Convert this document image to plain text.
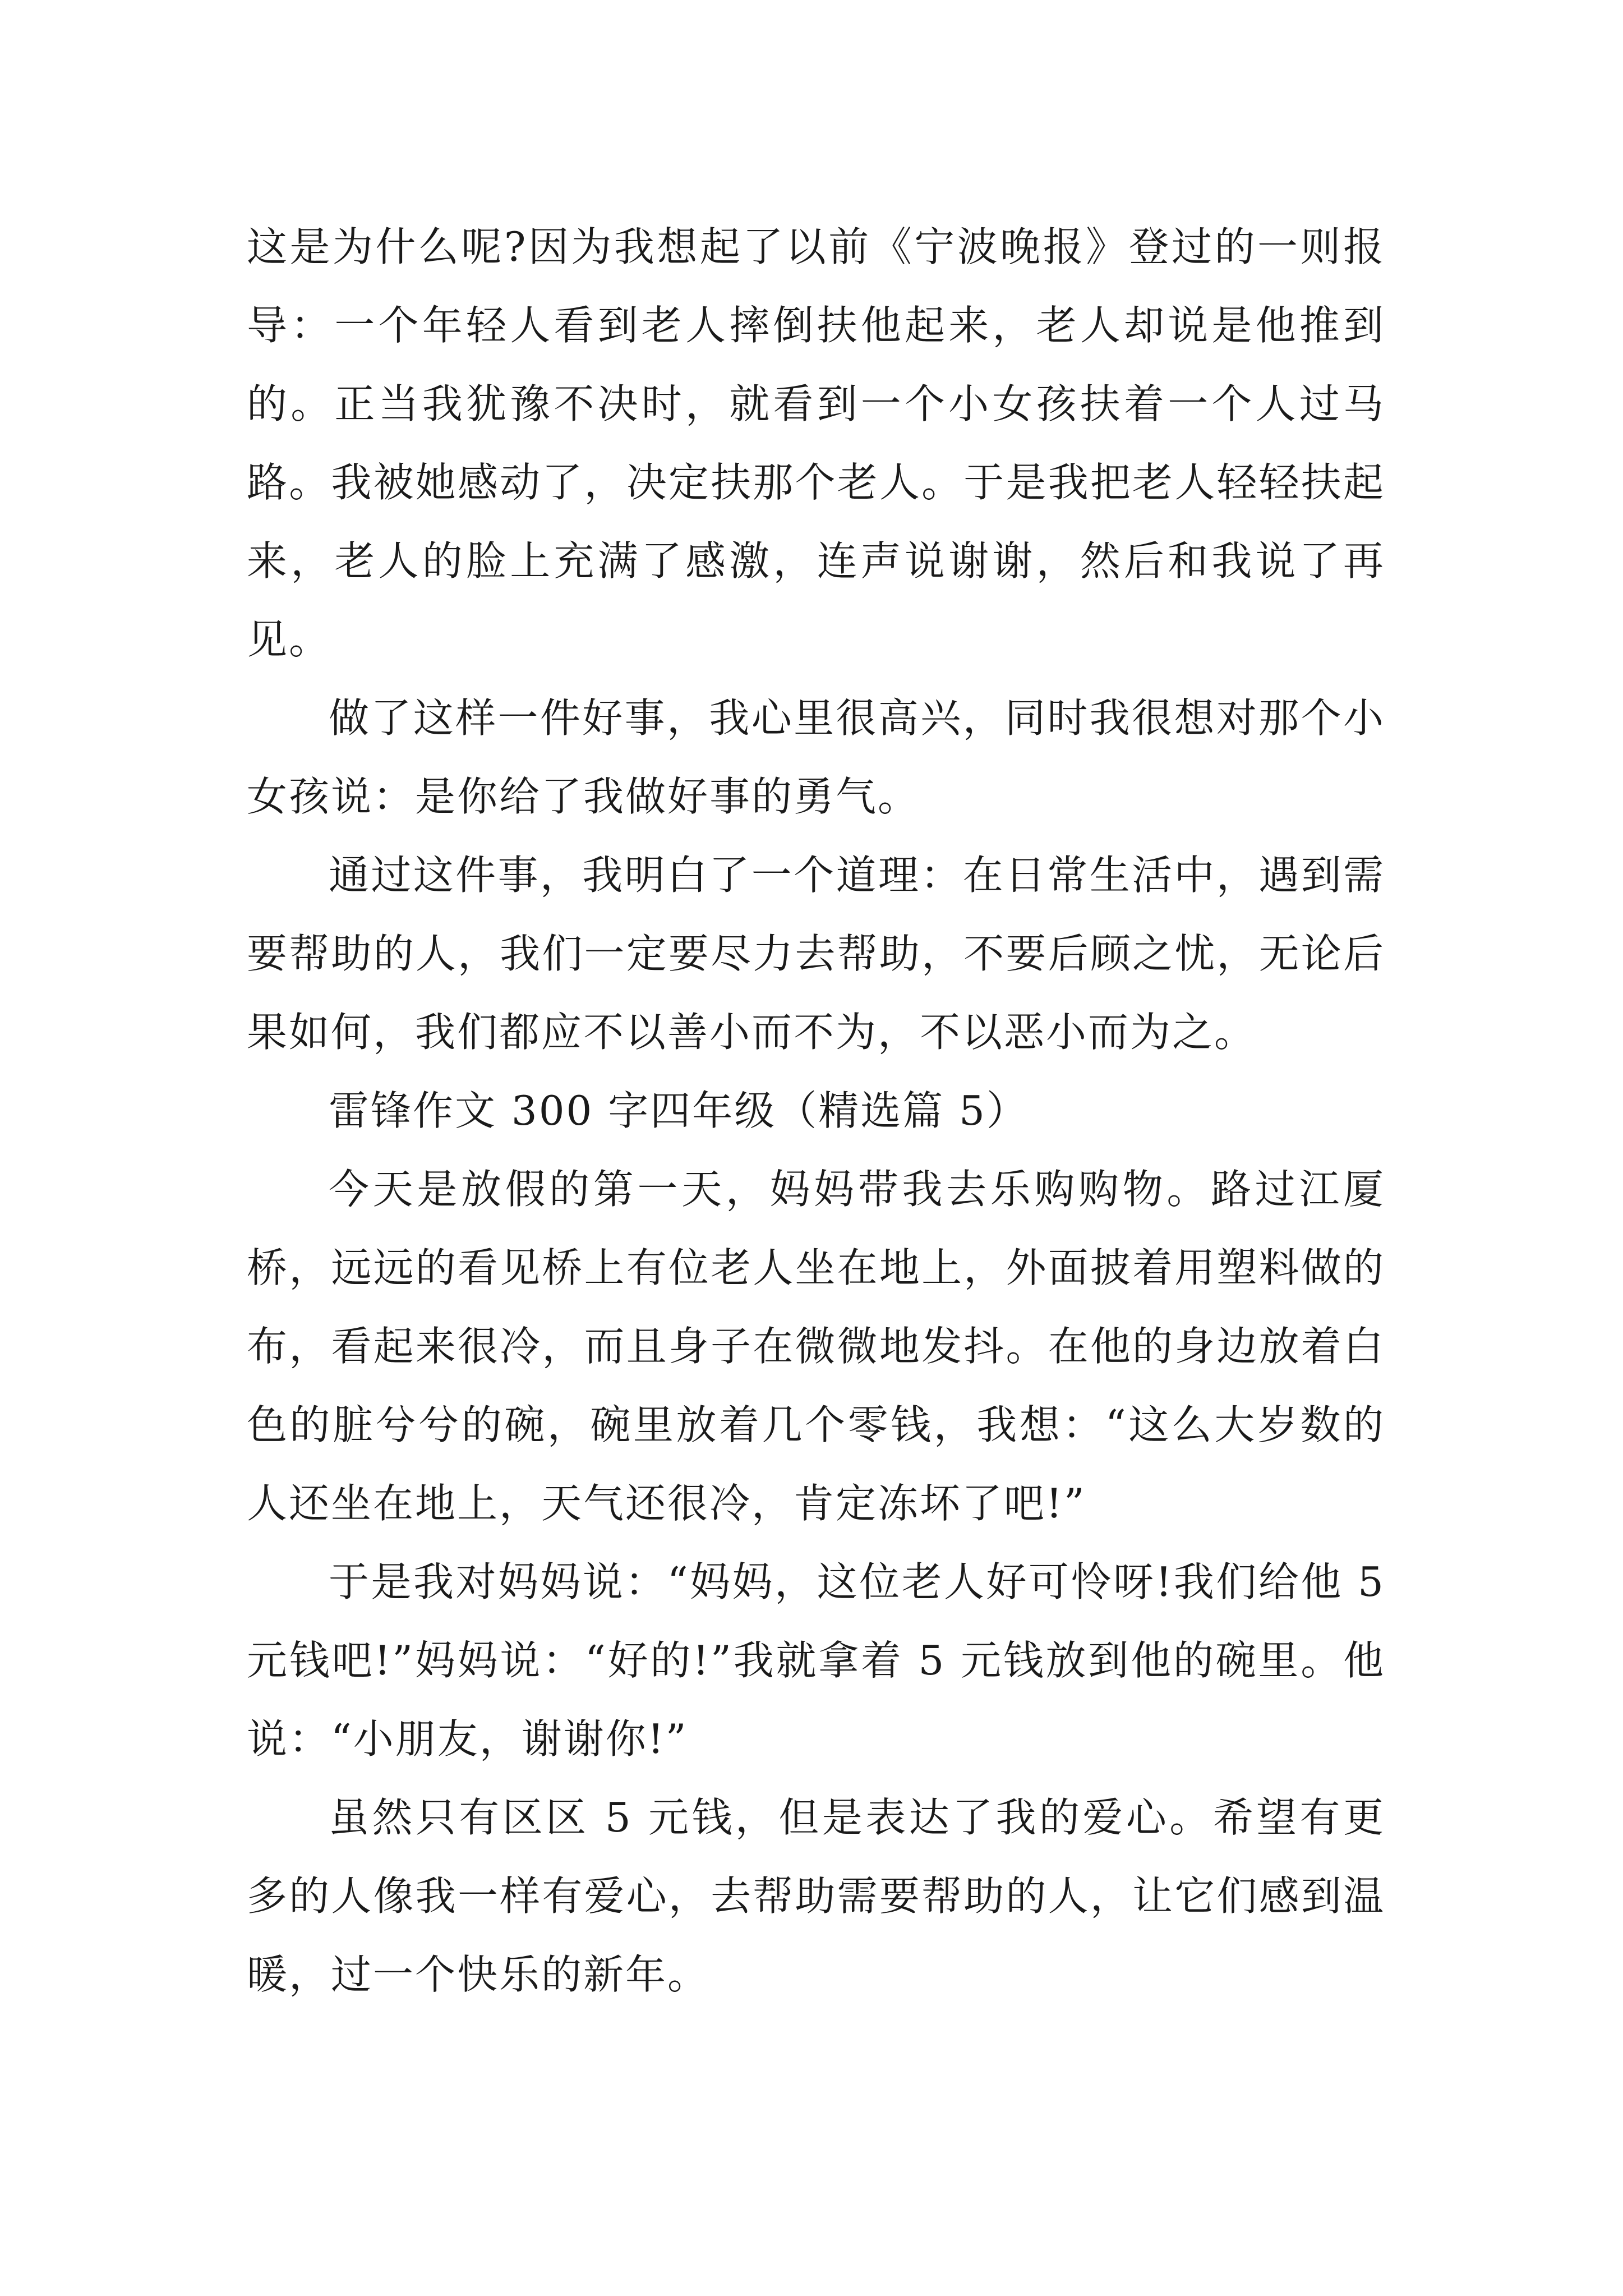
这是为什么呢?因为我想起了以前《宁波晚报》登过的一则报导：一个年轻人看到老人摔倒扶他起来，老人却说是他推到的。正当我犹豫不决时，就看到一个小女孩扶着一个人过马路。我被她感动了，决定扶那个老人。于是我把老人轻轻扶起来，老人的脸上充满了感激，连声说谢谢，然后和我说了再见。

做了这样一件好事，我心里很高兴，同时我很想对那个小女孩说：是你给了我做好事的勇气。

通过这件事，我明白了一个道理：在日常生活中，遇到需要帮助的人，我们一定要尽力去帮助，不要后顾之忧，无论后果如何，我们都应不以善小而不为，不以恶小而为之。

雷锋作文 300 字四年级（精选篇 5）

今天是放假的第一天，妈妈带我去乐购购物。路过江厦桥，远远的看见桥上有位老人坐在地上，外面披着用塑料做的布，看起来很冷，而且身子在微微地发抖。在他的身边放着白色的脏兮兮的碗，碗里放着几个零钱，我想：“这么大岁数的人还坐在地上，天气还很冷，肯定冻坏了吧!”

于是我对妈妈说：“妈妈，这位老人好可怜呀!我们给他 5 元钱吧!”妈妈说：“好的!”我就拿着 5 元钱放到他的碗里。他说：“小朋友，谢谢你!”

虽然只有区区 5 元钱，但是表达了我的爱心。希望有更多的人像我一样有爱心，去帮助需要帮助的人，让它们感到温暖，过一个快乐的新年。
